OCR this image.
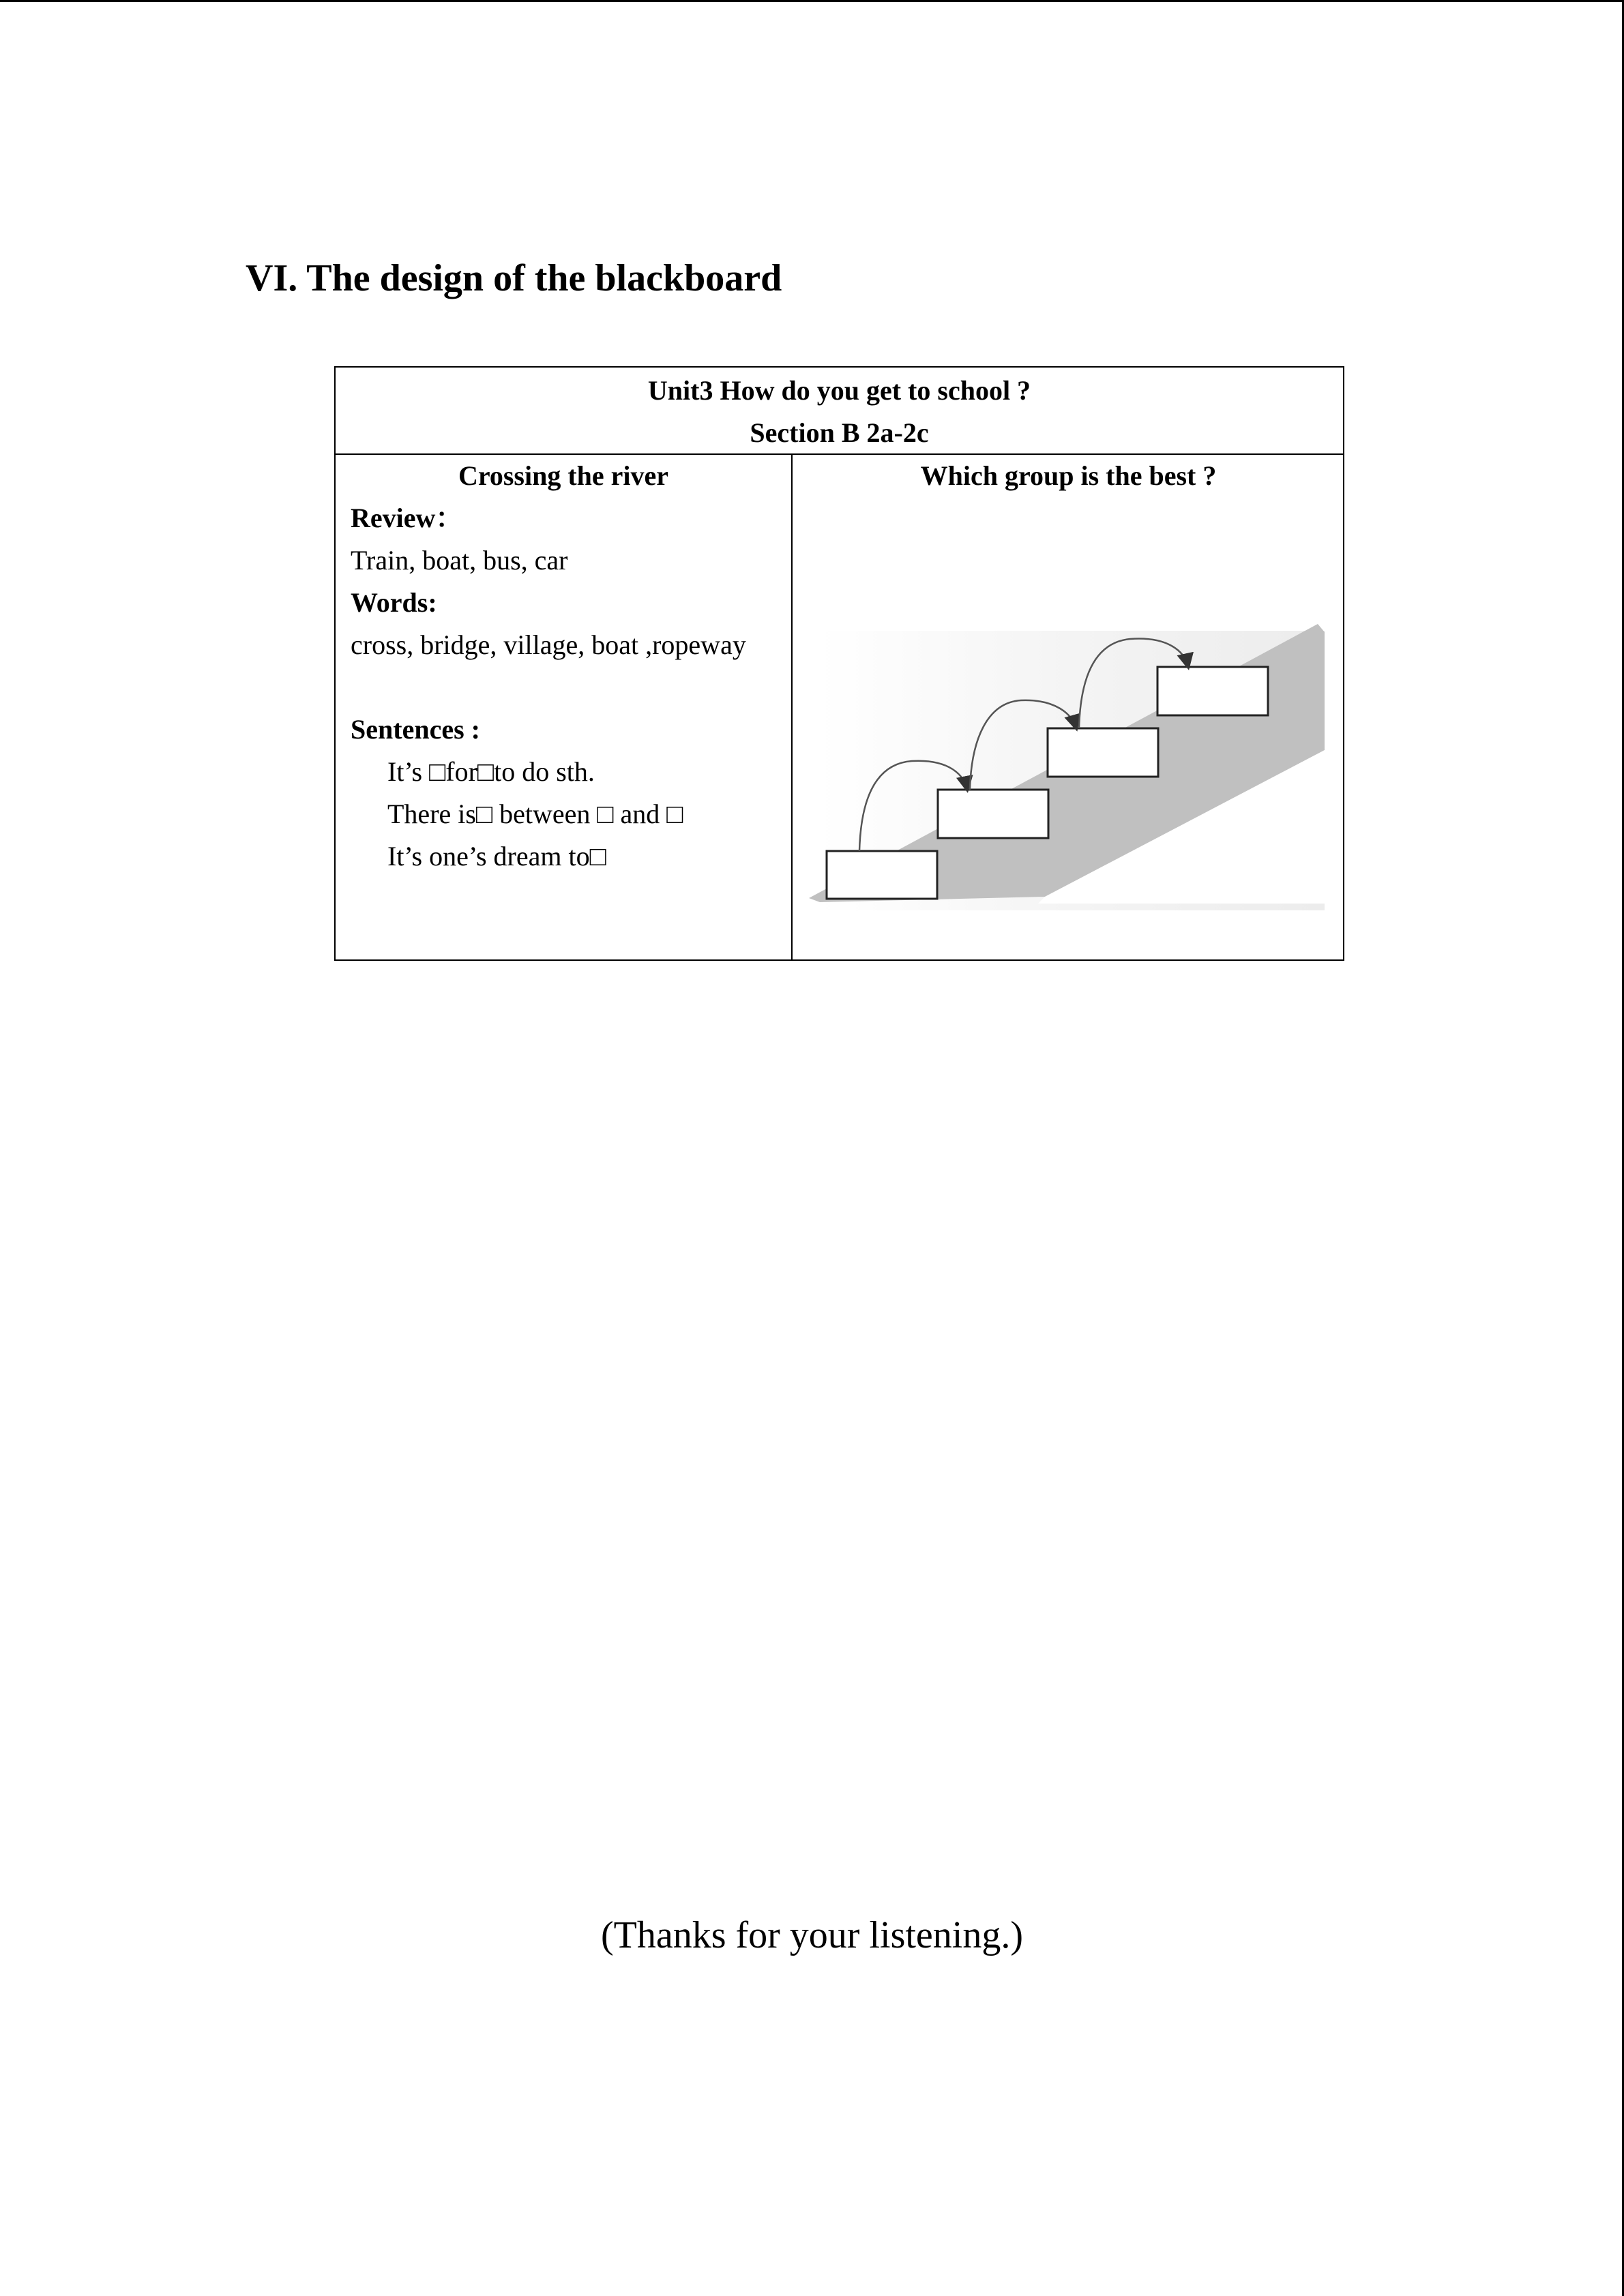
VI. The design of the blackboard
Unit3 How do you get to school ?
Section B 2a-2c
Crossing the river
Review：
Train, boat, bus, car
Words:
cross, bridge, village, boat ,ropeway
Sentences :
It’s □for□to do sth.
There is□ between □ and □
It’s one’s dream to□
Which group is the best ?
(Thanks for your listening.)
